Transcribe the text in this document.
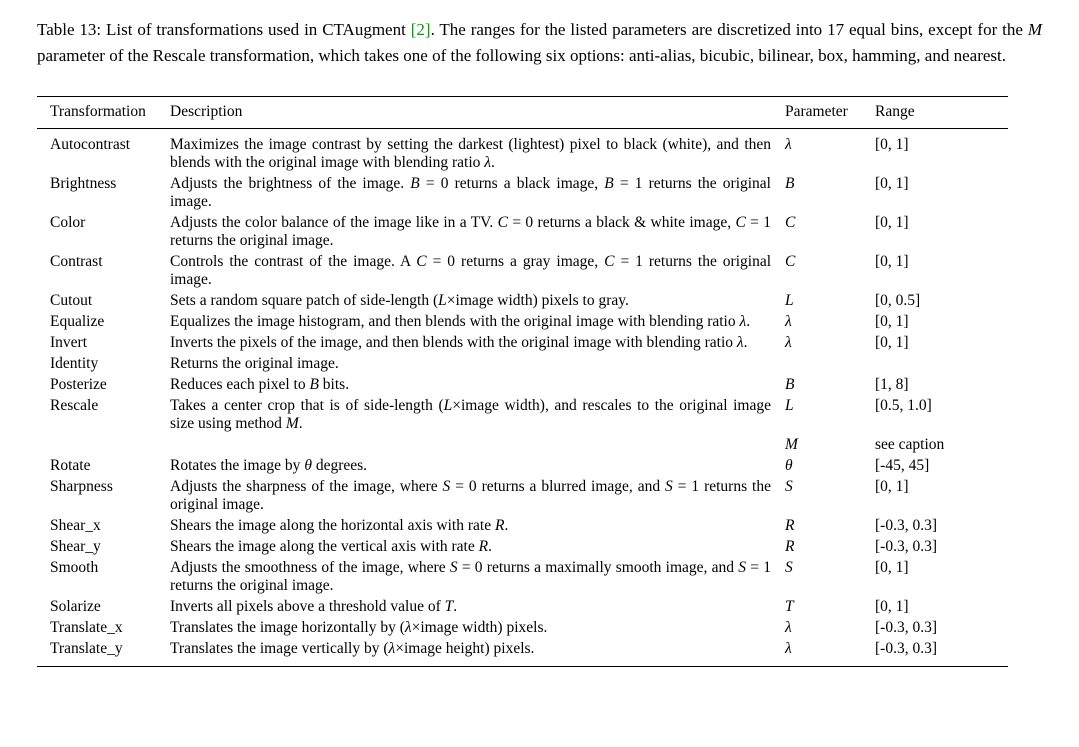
Table 13: List of transformations used in CTAugment [2]. The ranges for the listed parameters are discretized into 17 equal bins, except for the M parameter of the Rescale transformation, which takes one of the following six options: anti-alias, bicubic, bilinear, box, hamming, and nearest.

Transformation	Description	Parameter	Range
Autocontrast	Maximizes the image contrast by setting the darkest (lightest) pixel to black (white), and then blends with the original image with blending ratio λ.	λ	[0, 1]
Brightness	Adjusts the brightness of the image. B = 0 returns a black image, B = 1 returns the original image.	B	[0, 1]
Color	Adjusts the color balance of the image like in a TV. C = 0 returns a black & white image, C = 1 returns the original image.	C	[0, 1]
Contrast	Controls the contrast of the image. A C = 0 returns a gray image, C = 1 returns the original image.	C	[0, 1]
Cutout	Sets a random square patch of side-length (L×image width) pixels to gray.	L	[0, 0.5]
Equalize	Equalizes the image histogram, and then blends with the original image with blending ratio λ.	λ	[0, 1]
Invert	Inverts the pixels of the image, and then blends with the original image with blending ratio λ.	λ	[0, 1]
Identity	Returns the original image.		
Posterize	Reduces each pixel to B bits.	B	[1, 8]
Rescale	Takes a center crop that is of side-length (L×image width), and rescales to the original image size using method M.	L	[0.5, 1.0]
		M	see caption
Rotate	Rotates the image by θ degrees.	θ	[-45, 45]
Sharpness	Adjusts the sharpness of the image, where S = 0 returns a blurred image, and S = 1 returns the original image.	S	[0, 1]
Shear_x	Shears the image along the horizontal axis with rate R.	R	[-0.3, 0.3]
Shear_y	Shears the image along the vertical axis with rate R.	R	[-0.3, 0.3]
Smooth	Adjusts the smoothness of the image, where S = 0 returns a maximally smooth image, and S = 1 returns the original image.	S	[0, 1]
Solarize	Inverts all pixels above a threshold value of T.	T	[0, 1]
Translate_x	Translates the image horizontally by (λ×image width) pixels.	λ	[-0.3, 0.3]
Translate_y	Translates the image vertically by (λ×image height) pixels.	λ	[-0.3, 0.3]
